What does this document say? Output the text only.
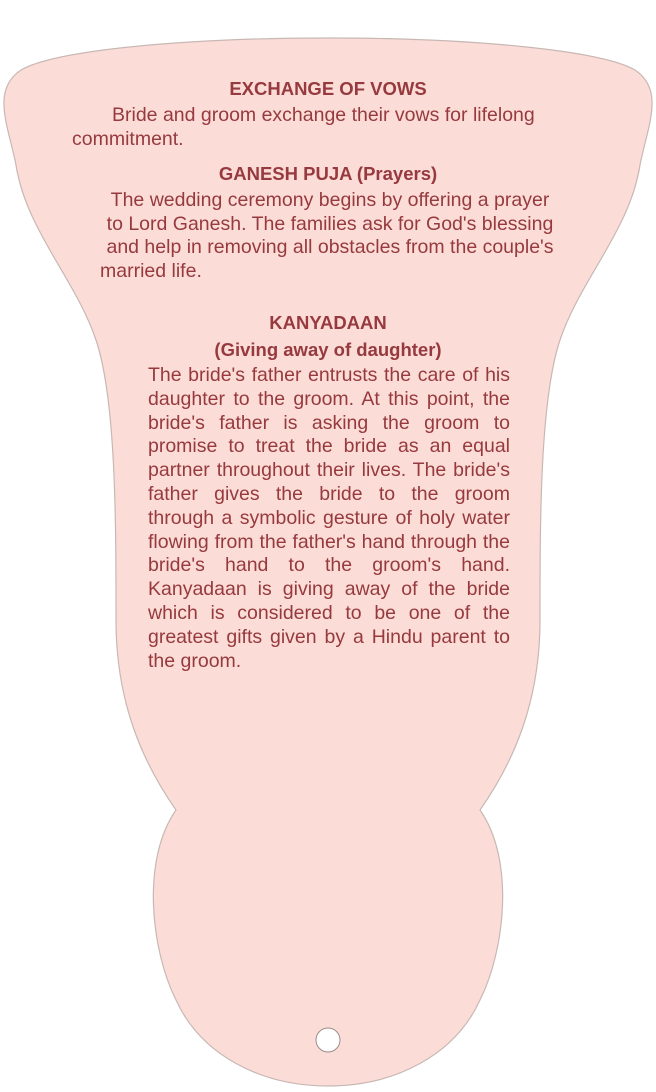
EXCHANGE OF VOWS
Bride and groom exchange their vows for lifelong commitment.
GANESH PUJA (Prayers)
The wedding ceremony begins by offering a prayer to Lord Ganesh. The families ask for God's blessing and help in removing all obstacles from the couple's married life.
KANYADAAN
(Giving away of daughter)
The bride's father entrusts the care of his daughter to the groom. At this point, the bride's father is asking the groom to promise to treat the bride as an equal partner throughout their lives. The bride's father gives the bride to the groom through a symbolic gesture of holy water flowing from the father's hand through the bride's hand to the groom's hand. Kanyadaan is giving away of the bride which is considered to be one of the greatest gifts given by a Hindu parent to the groom.
